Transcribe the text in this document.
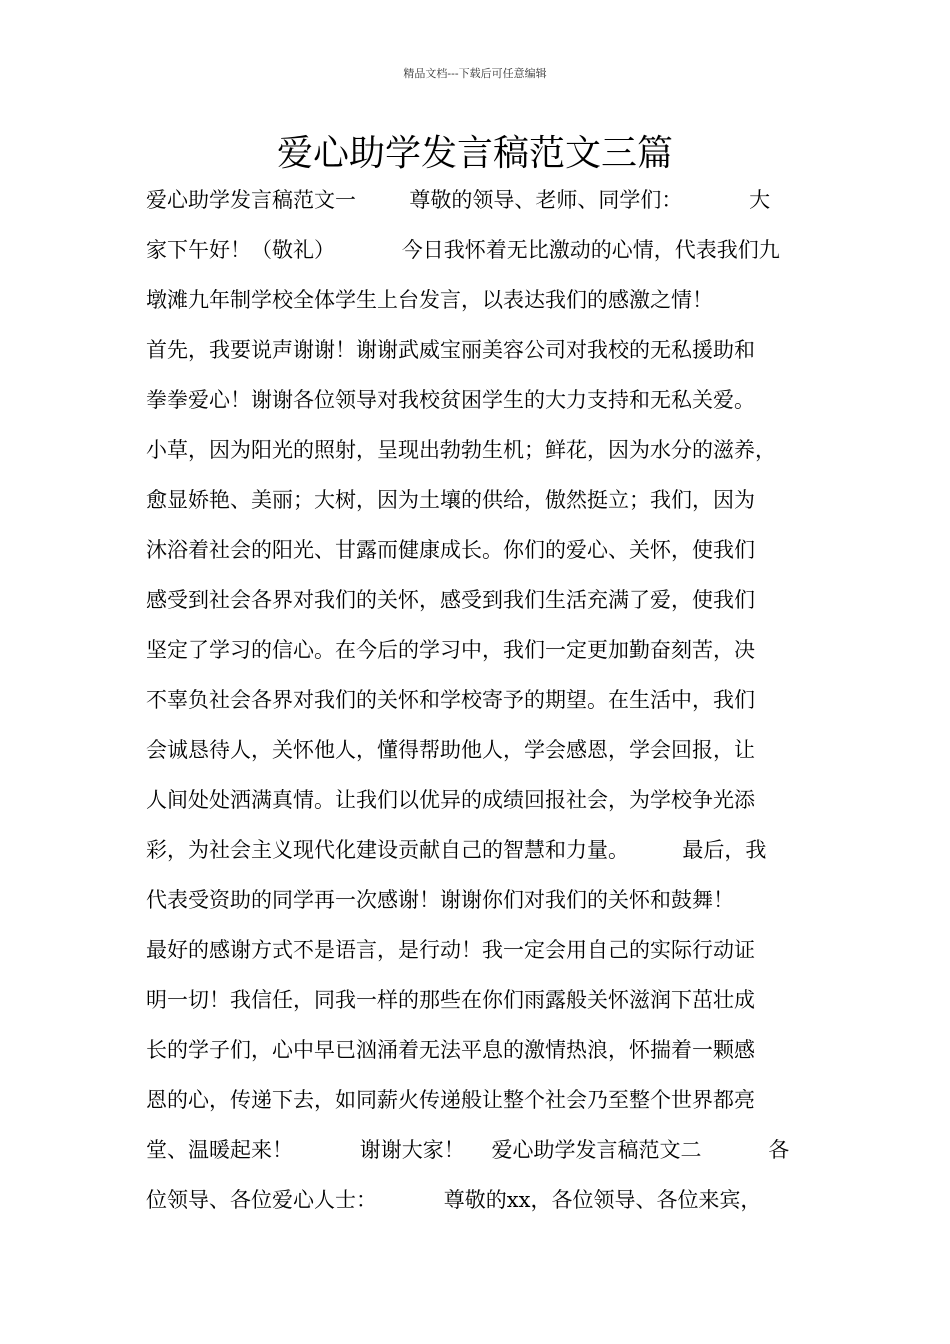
精品文档---下载后可任意编辑
爱心助学发言稿范文三篇
爱心助学发言稿范文一        尊敬的领导、老师、同学们：          大
家下午好！（敬礼）          今日我怀着无比激动的心情，代表我们九
墩滩九年制学校全体学生上台发言，以表达我们的感激之情！
首先，我要说声谢谢！谢谢武威宝丽美容公司对我校的无私援助和
拳拳爱心！谢谢各位领导对我校贫困学生的大力支持和无私关爱。
小草，因为阳光的照射，呈现出勃勃生机；鲜花，因为水分的滋养，
愈显娇艳、美丽；大树，因为土壤的供给，傲然挺立；我们，因为
沐浴着社会的阳光、甘露而健康成长。你们的爱心、关怀，使我们
感受到社会各界对我们的关怀，感受到我们生活充满了爱，使我们
坚定了学习的信心。在今后的学习中，我们一定更加勤奋刻苦，决
不辜负社会各界对我们的关怀和学校寄予的期望。在生活中，我们
会诚恳待人，关怀他人，懂得帮助他人，学会感恩，学会回报，让
人间处处洒满真情。让我们以优异的成绩回报社会，为学校争光添
彩，为社会主义现代化建设贡献自己的智慧和力量。        最后，我
代表受资助的同学再一次感谢！谢谢你们对我们的关怀和鼓舞！
最好的感谢方式不是语言，是行动！我一定会用自己的实际行动证
明一切！我信任，同我一样的那些在你们雨露般关怀滋润下茁壮成
长的学子们，心中早已汹涌着无法平息的激情热浪，怀揣着一颗感
恩的心，传递下去，如同薪火传递般让整个社会乃至整个世界都亮
堂、温暖起来！          谢谢大家！    爱心助学发言稿范文二          各
位领导、各位爱心人士：          尊敬的xx，各位领导、各位来宾，
